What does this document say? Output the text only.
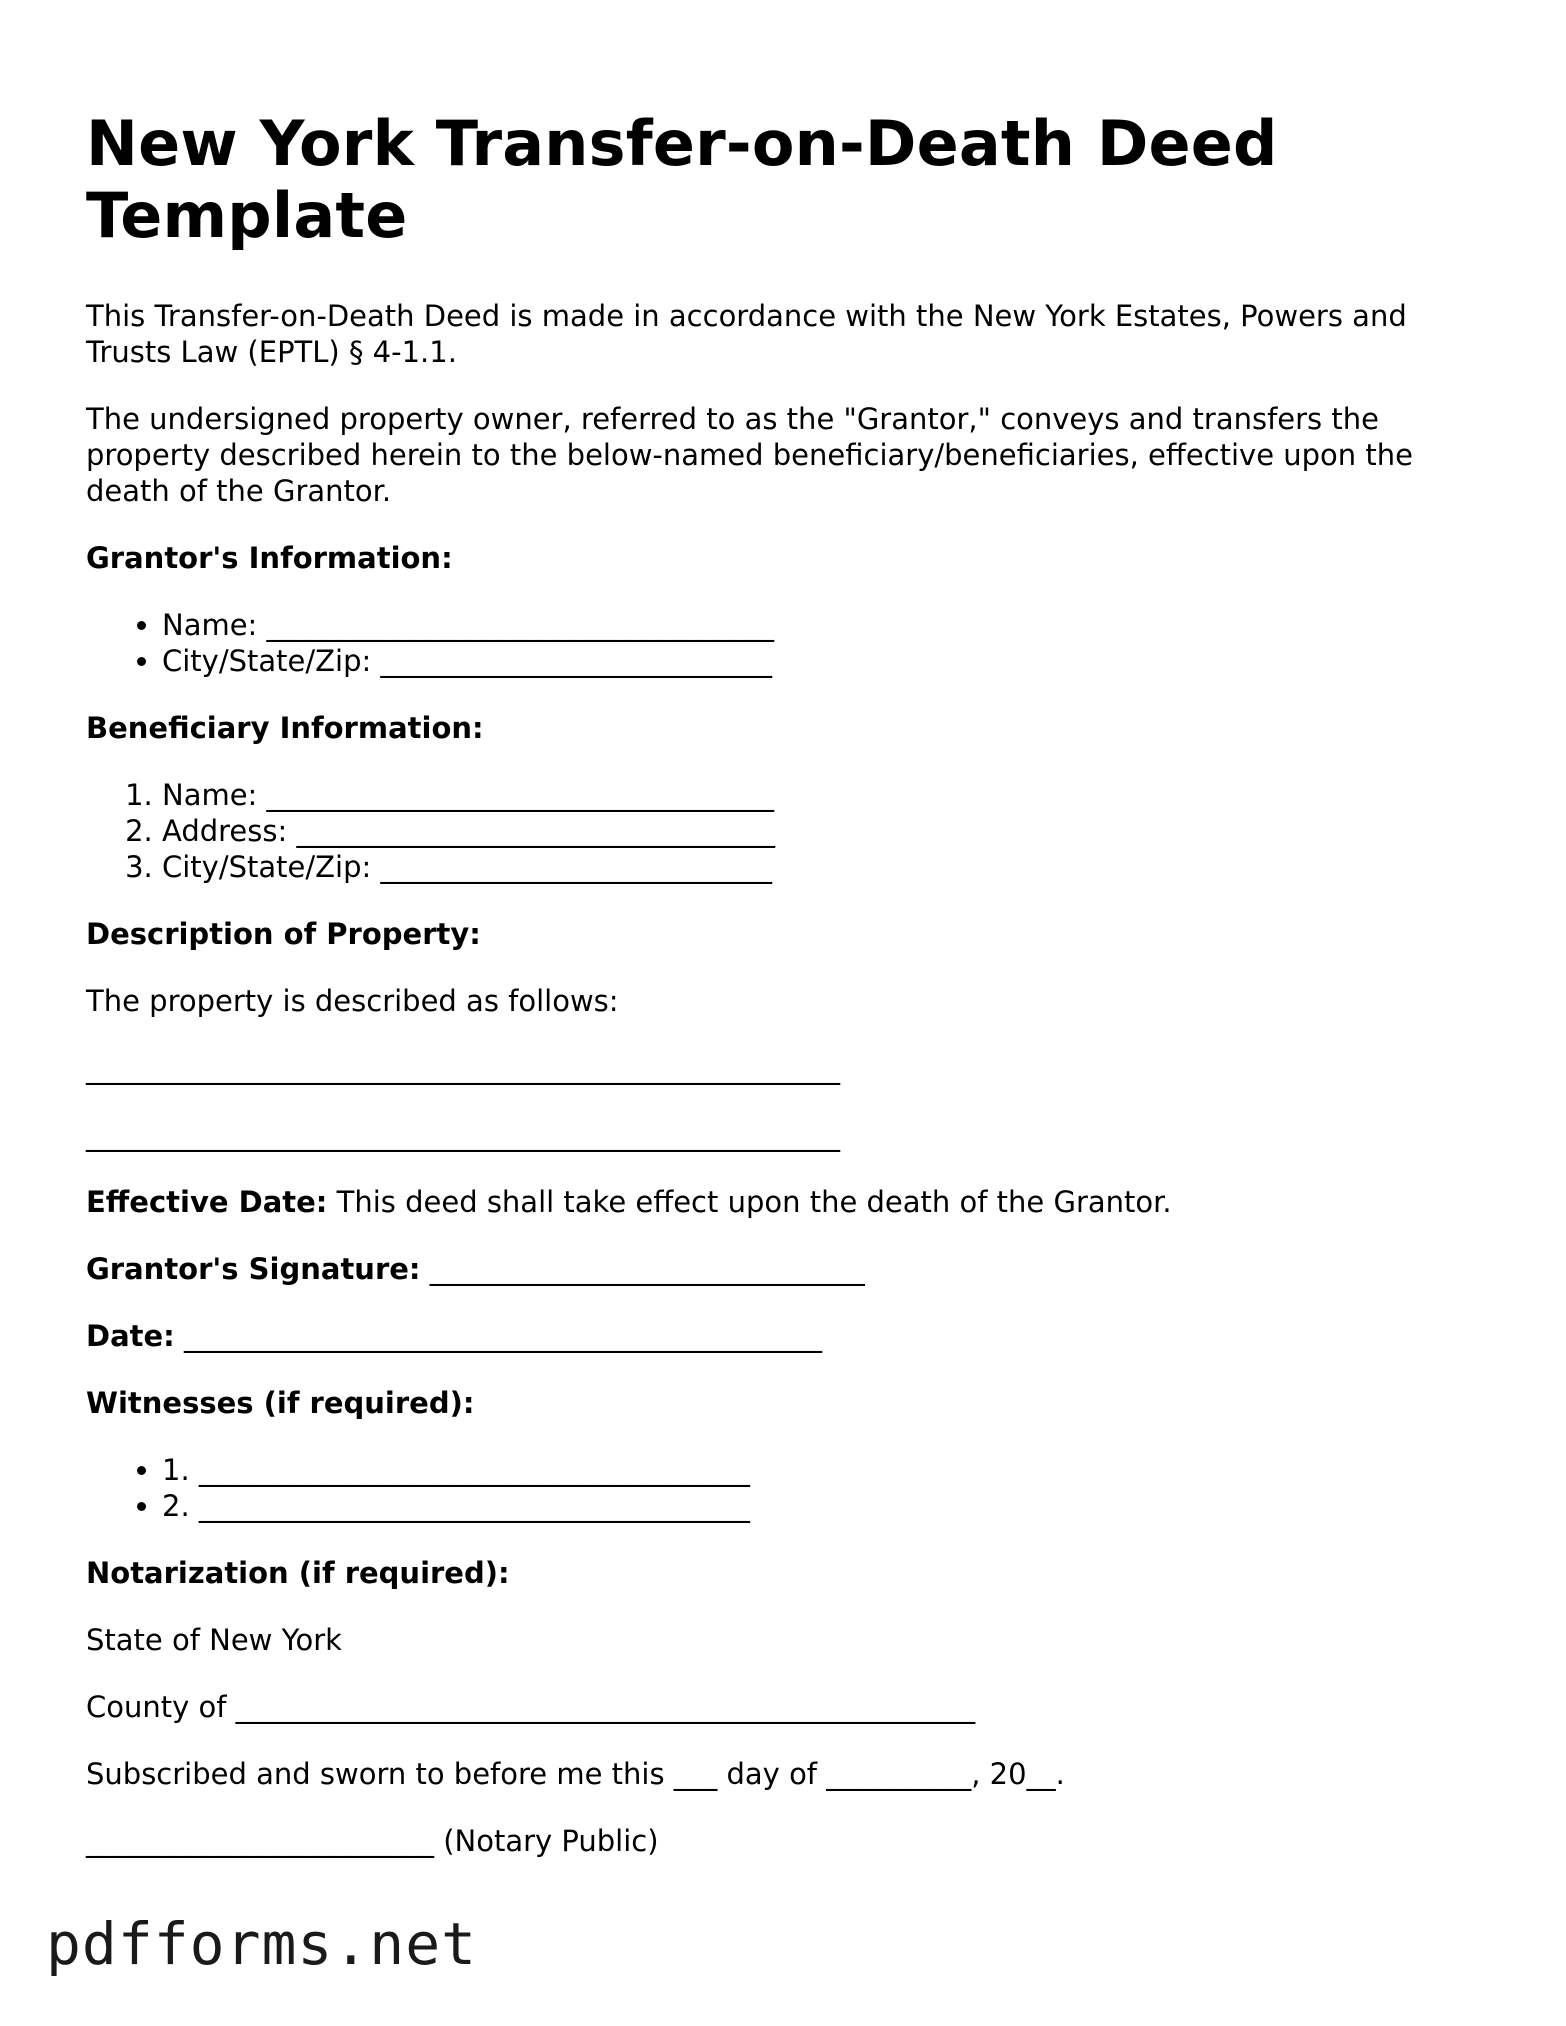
New York Transfer-on-Death Deed Template

This Transfer-on-Death Deed is made in accordance with the New York Estates, Powers and Trusts Law (EPTL) § 4-1.1.

The undersigned property owner, referred to as the "Grantor," conveys and transfers the property described herein to the below-named beneficiary/beneficiaries, effective upon the death of the Grantor.

Grantor's Information:

• Name: ___________________________________
• City/State/Zip: ___________________________

Beneficiary Information:

1. Name: ___________________________________
2. Address: _________________________________
3. City/State/Zip: ___________________________

Description of Property:

The property is described as follows:

____________________________________________________
____________________________________________________

Effective Date: This deed shall take effect upon the death of the Grantor.

Grantor's Signature: ______________________________

Date: ____________________________________________

Witnesses (if required):

• 1. ______________________________________
• 2. ______________________________________

Notarization (if required):

State of New York

County of ___________________________________________________

Subscribed and sworn to before me this ___ day of __________, 20__.

________________________ (Notary Public)

pdfforms.net
